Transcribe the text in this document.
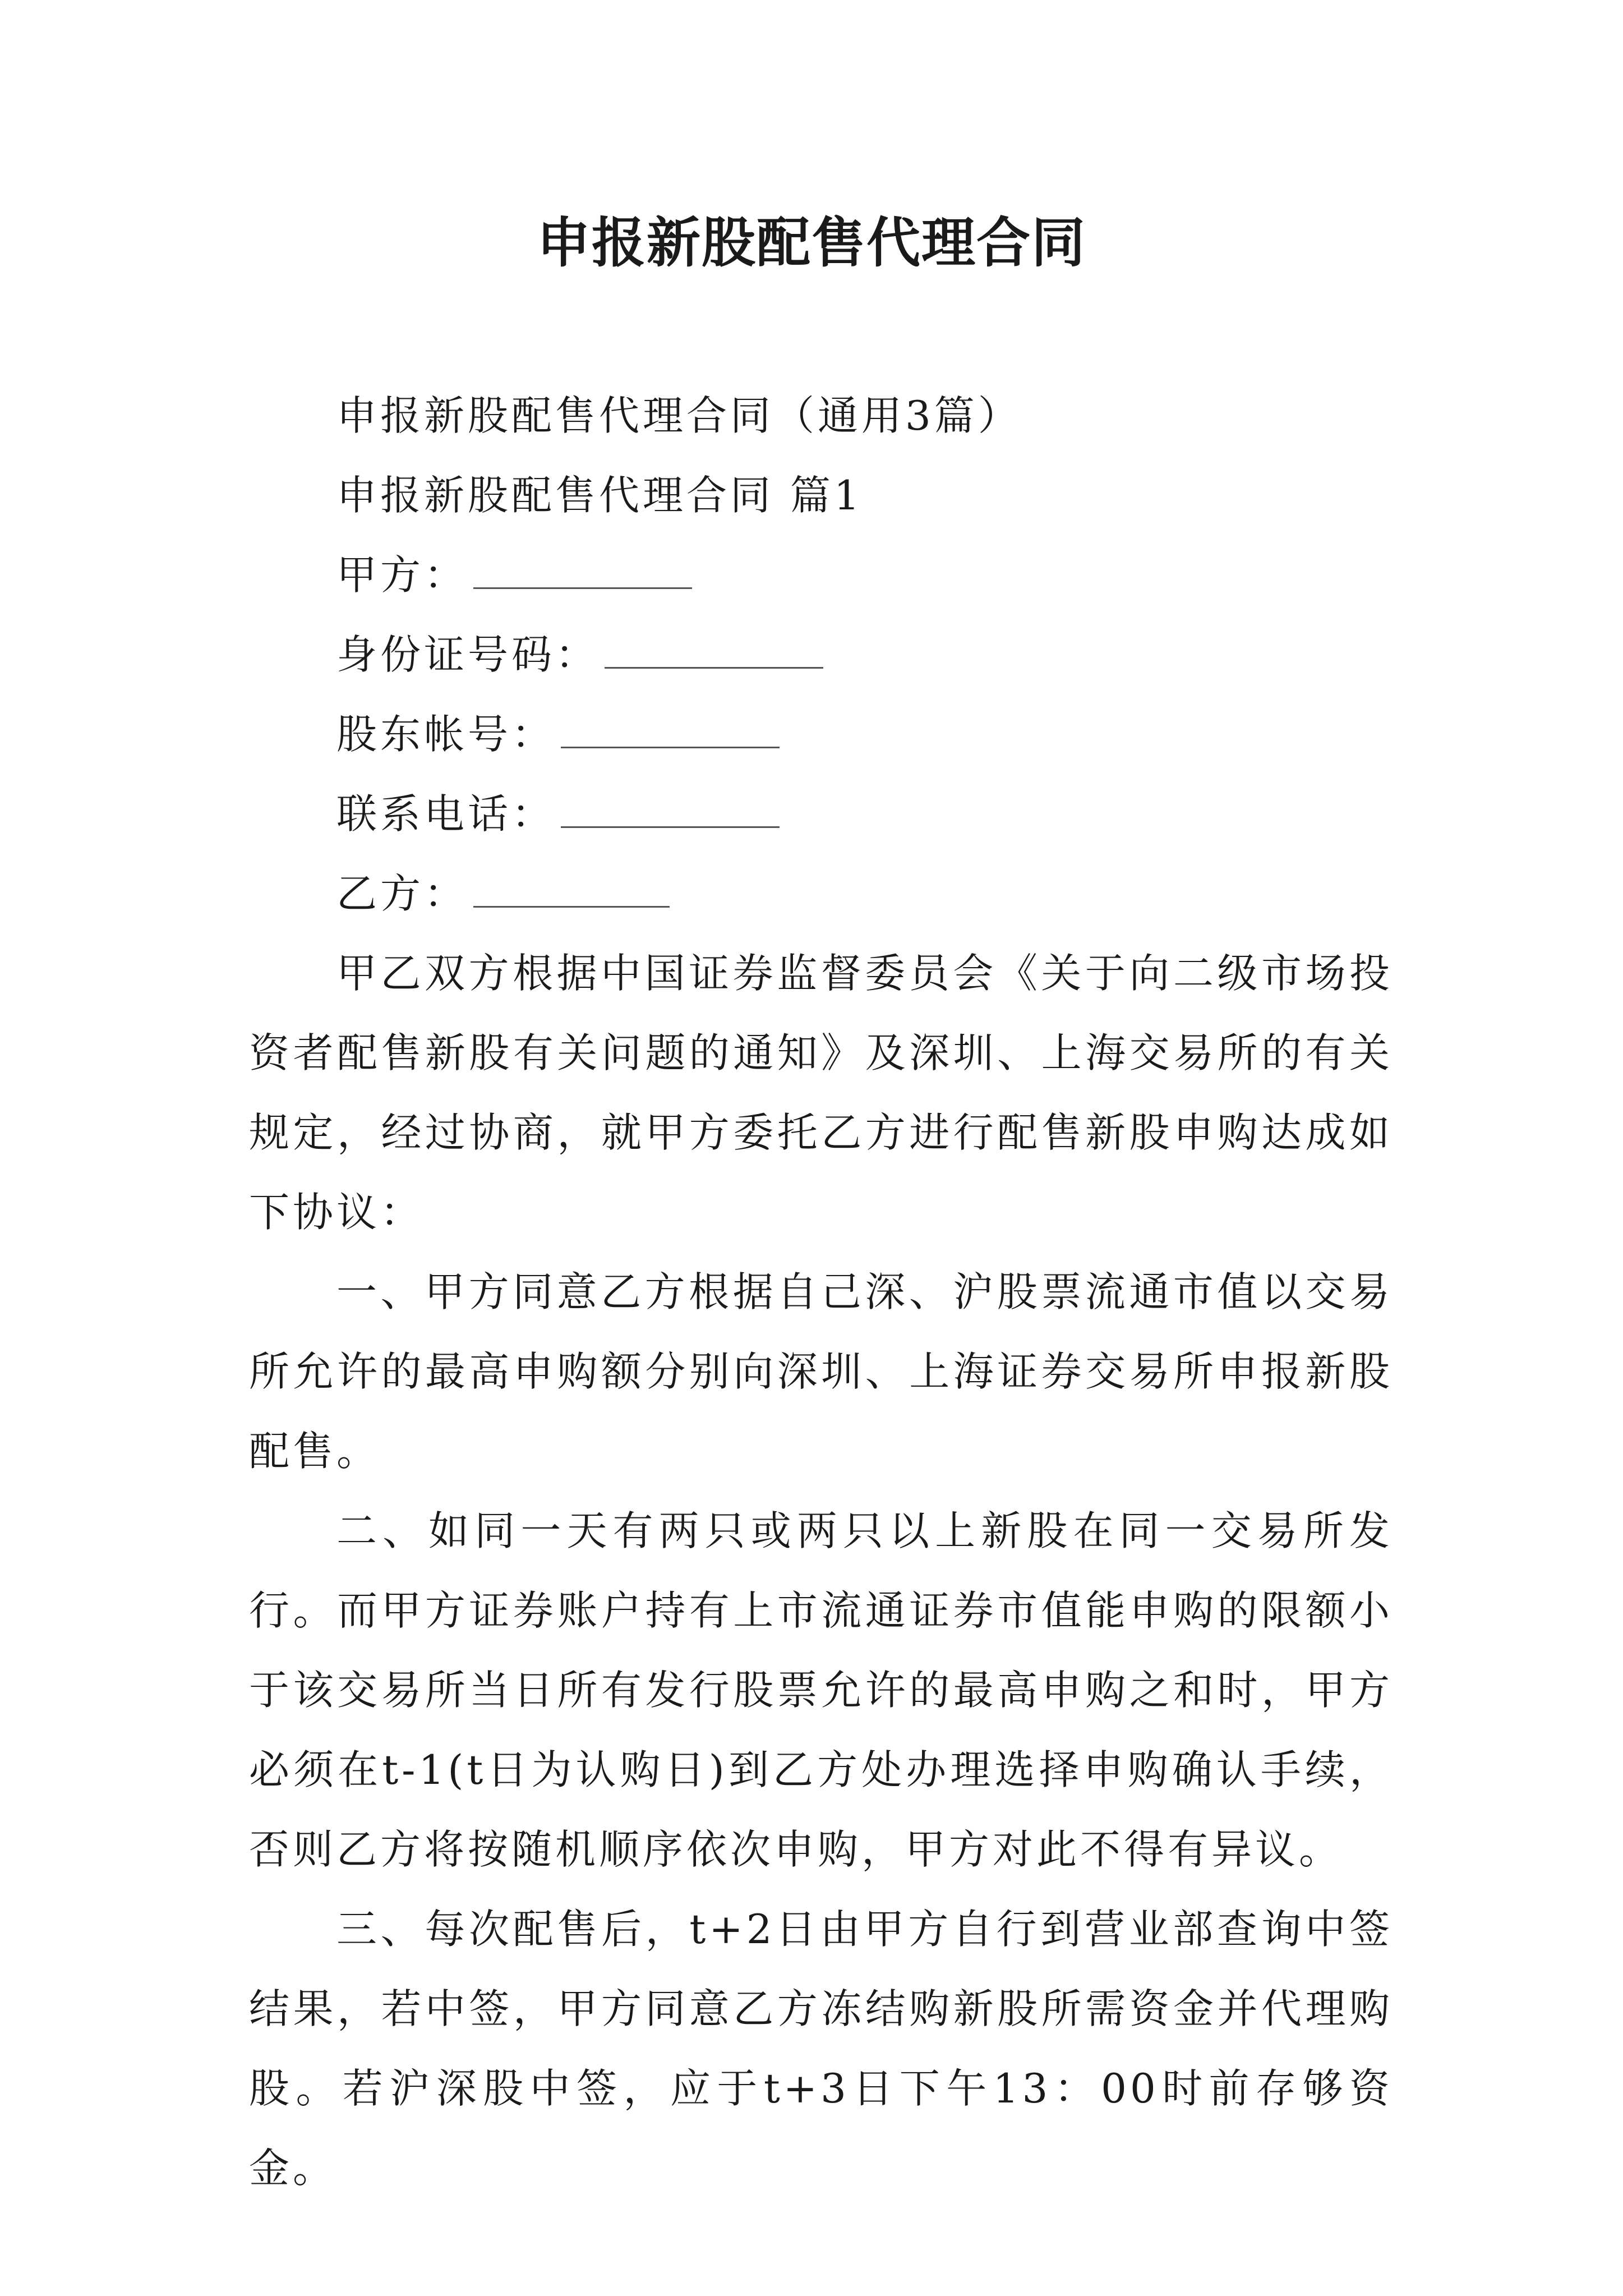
申报新股配售代理合同

申报新股配售代理合同（通用3篇）

申报新股配售代理合同 篇1

甲方：

身份证号码：

股东帐号：

联系电话：

乙方：

甲乙双方根据中国证券监督委员会《关于向二级市场投资者配售新股有关问题的通知》及深圳、上海交易所的有关规定，经过协商，就甲方委托乙方进行配售新股申购达成如下协议：

一、甲方同意乙方根据自己深、沪股票流通市值以交易所允许的最高申购额分别向深圳、上海证券交易所申报新股配售。

二、如同一天有两只或两只以上新股在同一交易所发行。而甲方证券账户持有上市流通证券市值能申购的限额小于该交易所当日所有发行股票允许的最高申购之和时，甲方必须在t-1(t日为认购日)到乙方处办理选择申购确认手续，否则乙方将按随机顺序依次申购，甲方对此不得有异议。

三、每次配售后，t+2日由甲方自行到营业部查询中签结果，若中签，甲方同意乙方冻结购新股所需资金并代理购股。若沪深股中签，应于t+3日下午13：00时前存够资金。
